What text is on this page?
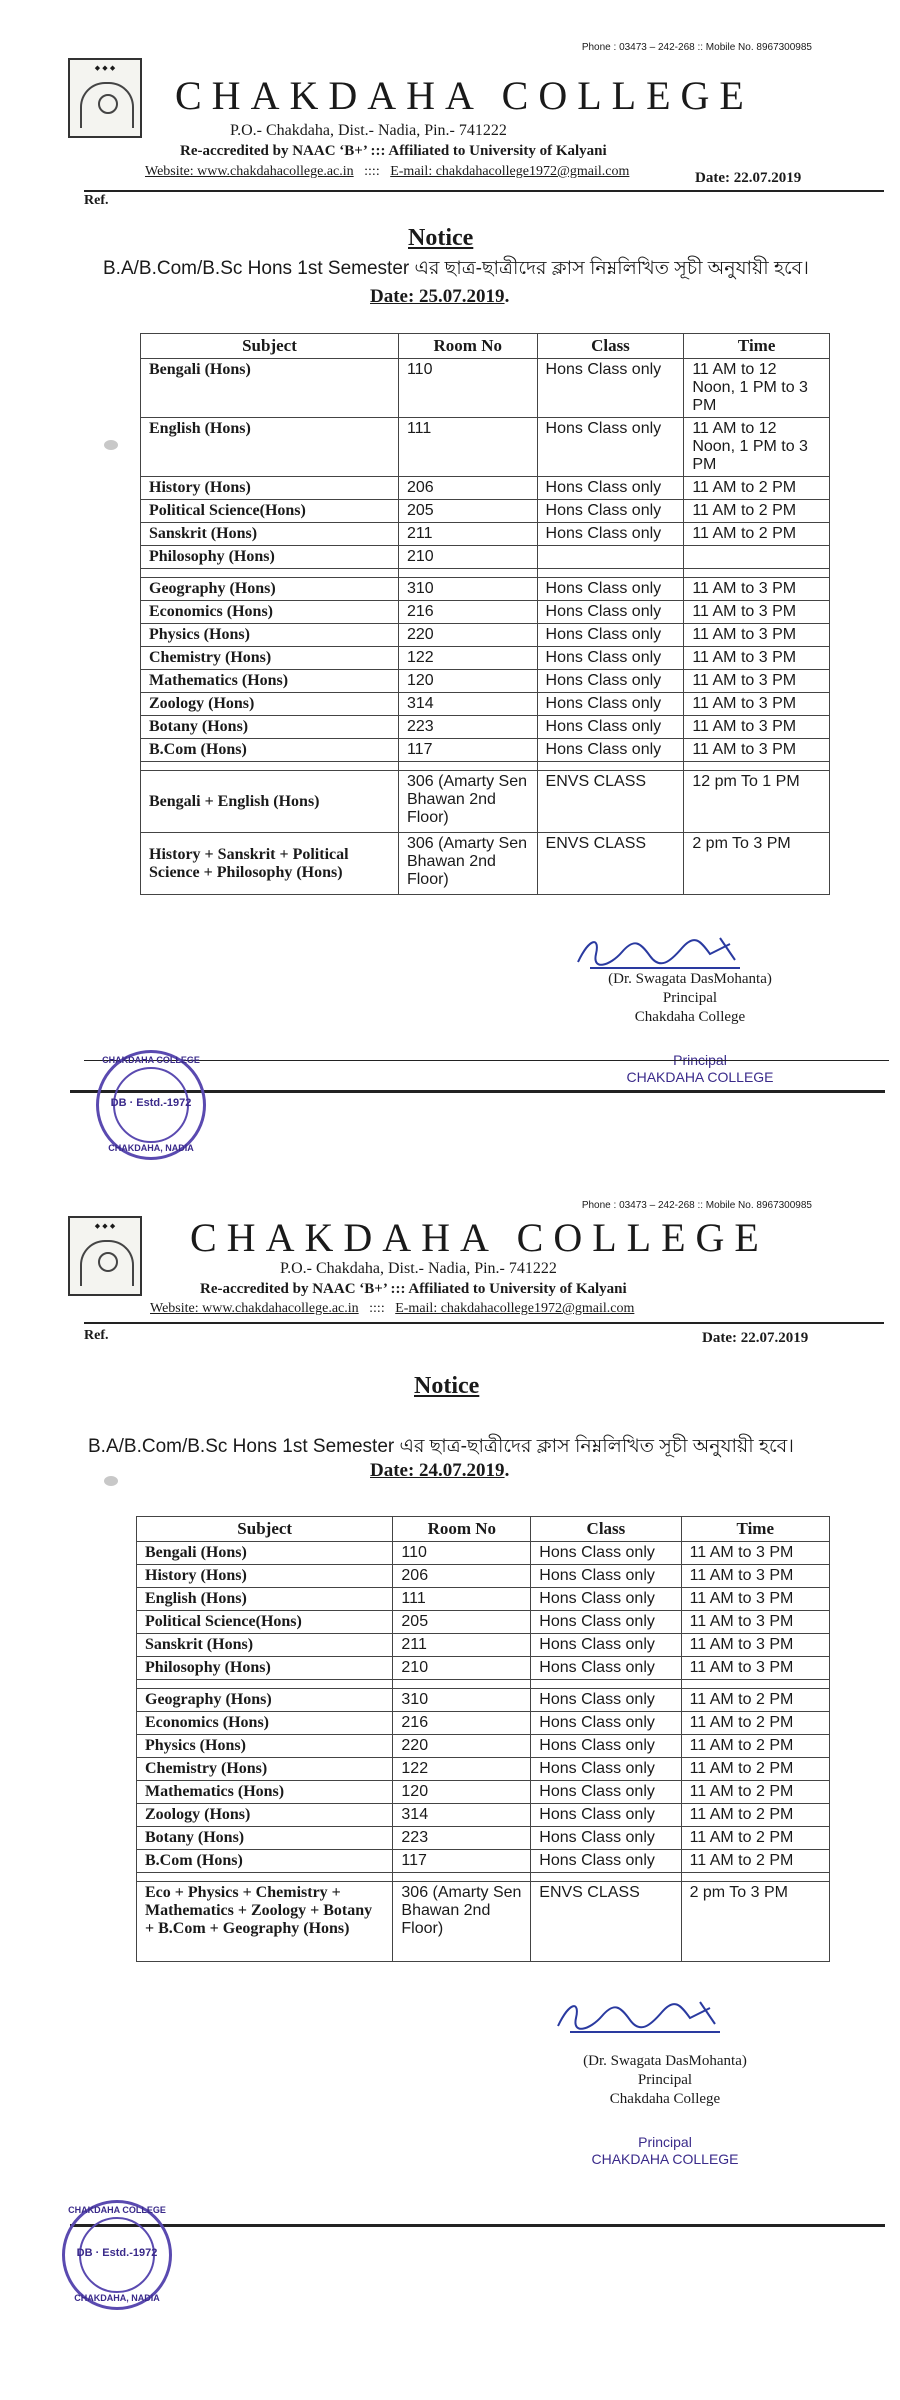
Phone : 03473 – 242-268 :: Mobile No. 8967300985
◆ ◆ ◆
CHAKDAHA COLLEGE
P.O.- Chakdaha, Dist.- Nadia, Pin.- 741222
Re-accredited by NAAC ‘B+’ ::: Affiliated to University of Kalyani
Website: www.chakdahacollege.ac.in :::: E-mail: chakdahacollege1972@gmail.com
Ref.
Date: 22.07.2019
Notice
B.A/B.Com/B.Sc Hons 1st Semester এর ছাত্র-ছাত্রীদের ক্লাস নিম্নলিখিত সূচী অনুযায়ী হবে।
Date: 25.07.2019.
Subject	Room No	Class	Time
Bengali (Hons)	110	Hons Class only	11 AM to 12 Noon, 1 PM to 3 PM
English (Hons)	111	Hons Class only	11 AM to 12 Noon, 1 PM to 3 PM
History (Hons)	206	Hons Class only	11 AM to 2 PM
Political Science(Hons)	205	Hons Class only	11 AM to 2 PM
Sanskrit (Hons)	211	Hons Class only	11 AM to 2 PM
Philosophy (Hons)	210		

Geography (Hons)	310	Hons Class only	11 AM to 3 PM
Economics (Hons)	216	Hons Class only	11 AM to 3 PM
Physics (Hons)	220	Hons Class only	11 AM to 3 PM
Chemistry (Hons)	122	Hons Class only	11 AM to 3 PM
Mathematics (Hons)	120	Hons Class only	11 AM to 3 PM
Zoology (Hons)	314	Hons Class only	11 AM to 3 PM
Botany (Hons)	223	Hons Class only	11 AM to 3 PM
B.Com (Hons)	117	Hons Class only	11 AM to 3 PM

Bengali + English (Hons)	306 (Amarty Sen Bhawan 2nd Floor)	ENVS CLASS	12 pm To 1 PM
History + Sanskrit + Political Science + Philosophy (Hons)	306 (Amarty Sen Bhawan 2nd Floor)	ENVS CLASS	2 pm To 3 PM
(Dr. Swagata DasMohanta)
Principal
Chakdaha College
Principal
CHAKDAHA COLLEGE
CHAKDAHA COLLEGE
DB · Estd.-1972
CHAKDAHA, NADIA
Phone : 03473 – 242-268 :: Mobile No. 8967300985
◆ ◆ ◆	CHAKDAHA COLLEGE
P.O.- Chakdaha, Dist.- Nadia, Pin.- 741222
Re-accredited by NAAC ‘B+’ ::: Affiliated to University of Kalyani
Website: www.chakdahacollege.ac.in :::: E-mail: chakdahacollege1972@gmail.com
Ref.	Date: 22.07.2019
Notice
B.A/B.Com/B.Sc Hons 1st Semester এর ছাত্র-ছাত্রীদের ক্লাস নিম্নলিখিত সূচী অনুযায়ী হবে।
Date: 24.07.2019.
Subject	Room No	Class	Time
Bengali (Hons)	110	Hons Class only	11 AM to 3 PM
History (Hons)	206	Hons Class only	11 AM to 3 PM
English (Hons)	111	Hons Class only	11 AM to 3 PM
Political Science(Hons)	205	Hons Class only	11 AM to 3 PM
Sanskrit (Hons)	211	Hons Class only	11 AM to 3 PM
Philosophy (Hons)	210	Hons Class only	11 AM to 3 PM

Geography (Hons)	310	Hons Class only	11 AM to 2 PM
Economics (Hons)	216	Hons Class only	11 AM to 2 PM
Physics (Hons)	220	Hons Class only	11 AM to 2 PM
Chemistry (Hons)	122	Hons Class only	11 AM to 2 PM
Mathematics (Hons)	120	Hons Class only	11 AM to 2 PM
Zoology (Hons)	314	Hons Class only	11 AM to 2 PM
Botany (Hons)	223	Hons Class only	11 AM to 2 PM
B.Com (Hons)	117	Hons Class only	11 AM to 2 PM

Eco + Physics + Chemistry + Mathematics + Zoology + Botany + B.Com + Geography (Hons)	306 (Amarty Sen Bhawan 2nd Floor)	ENVS CLASS	2 pm To 3 PM
(Dr. Swagata DasMohanta)
Principal
Chakdaha College
Principal
CHAKDAHA COLLEGE
CHAKDAHA COLLEGE
DB · Estd.-1972
CHAKDAHA, NADIA
